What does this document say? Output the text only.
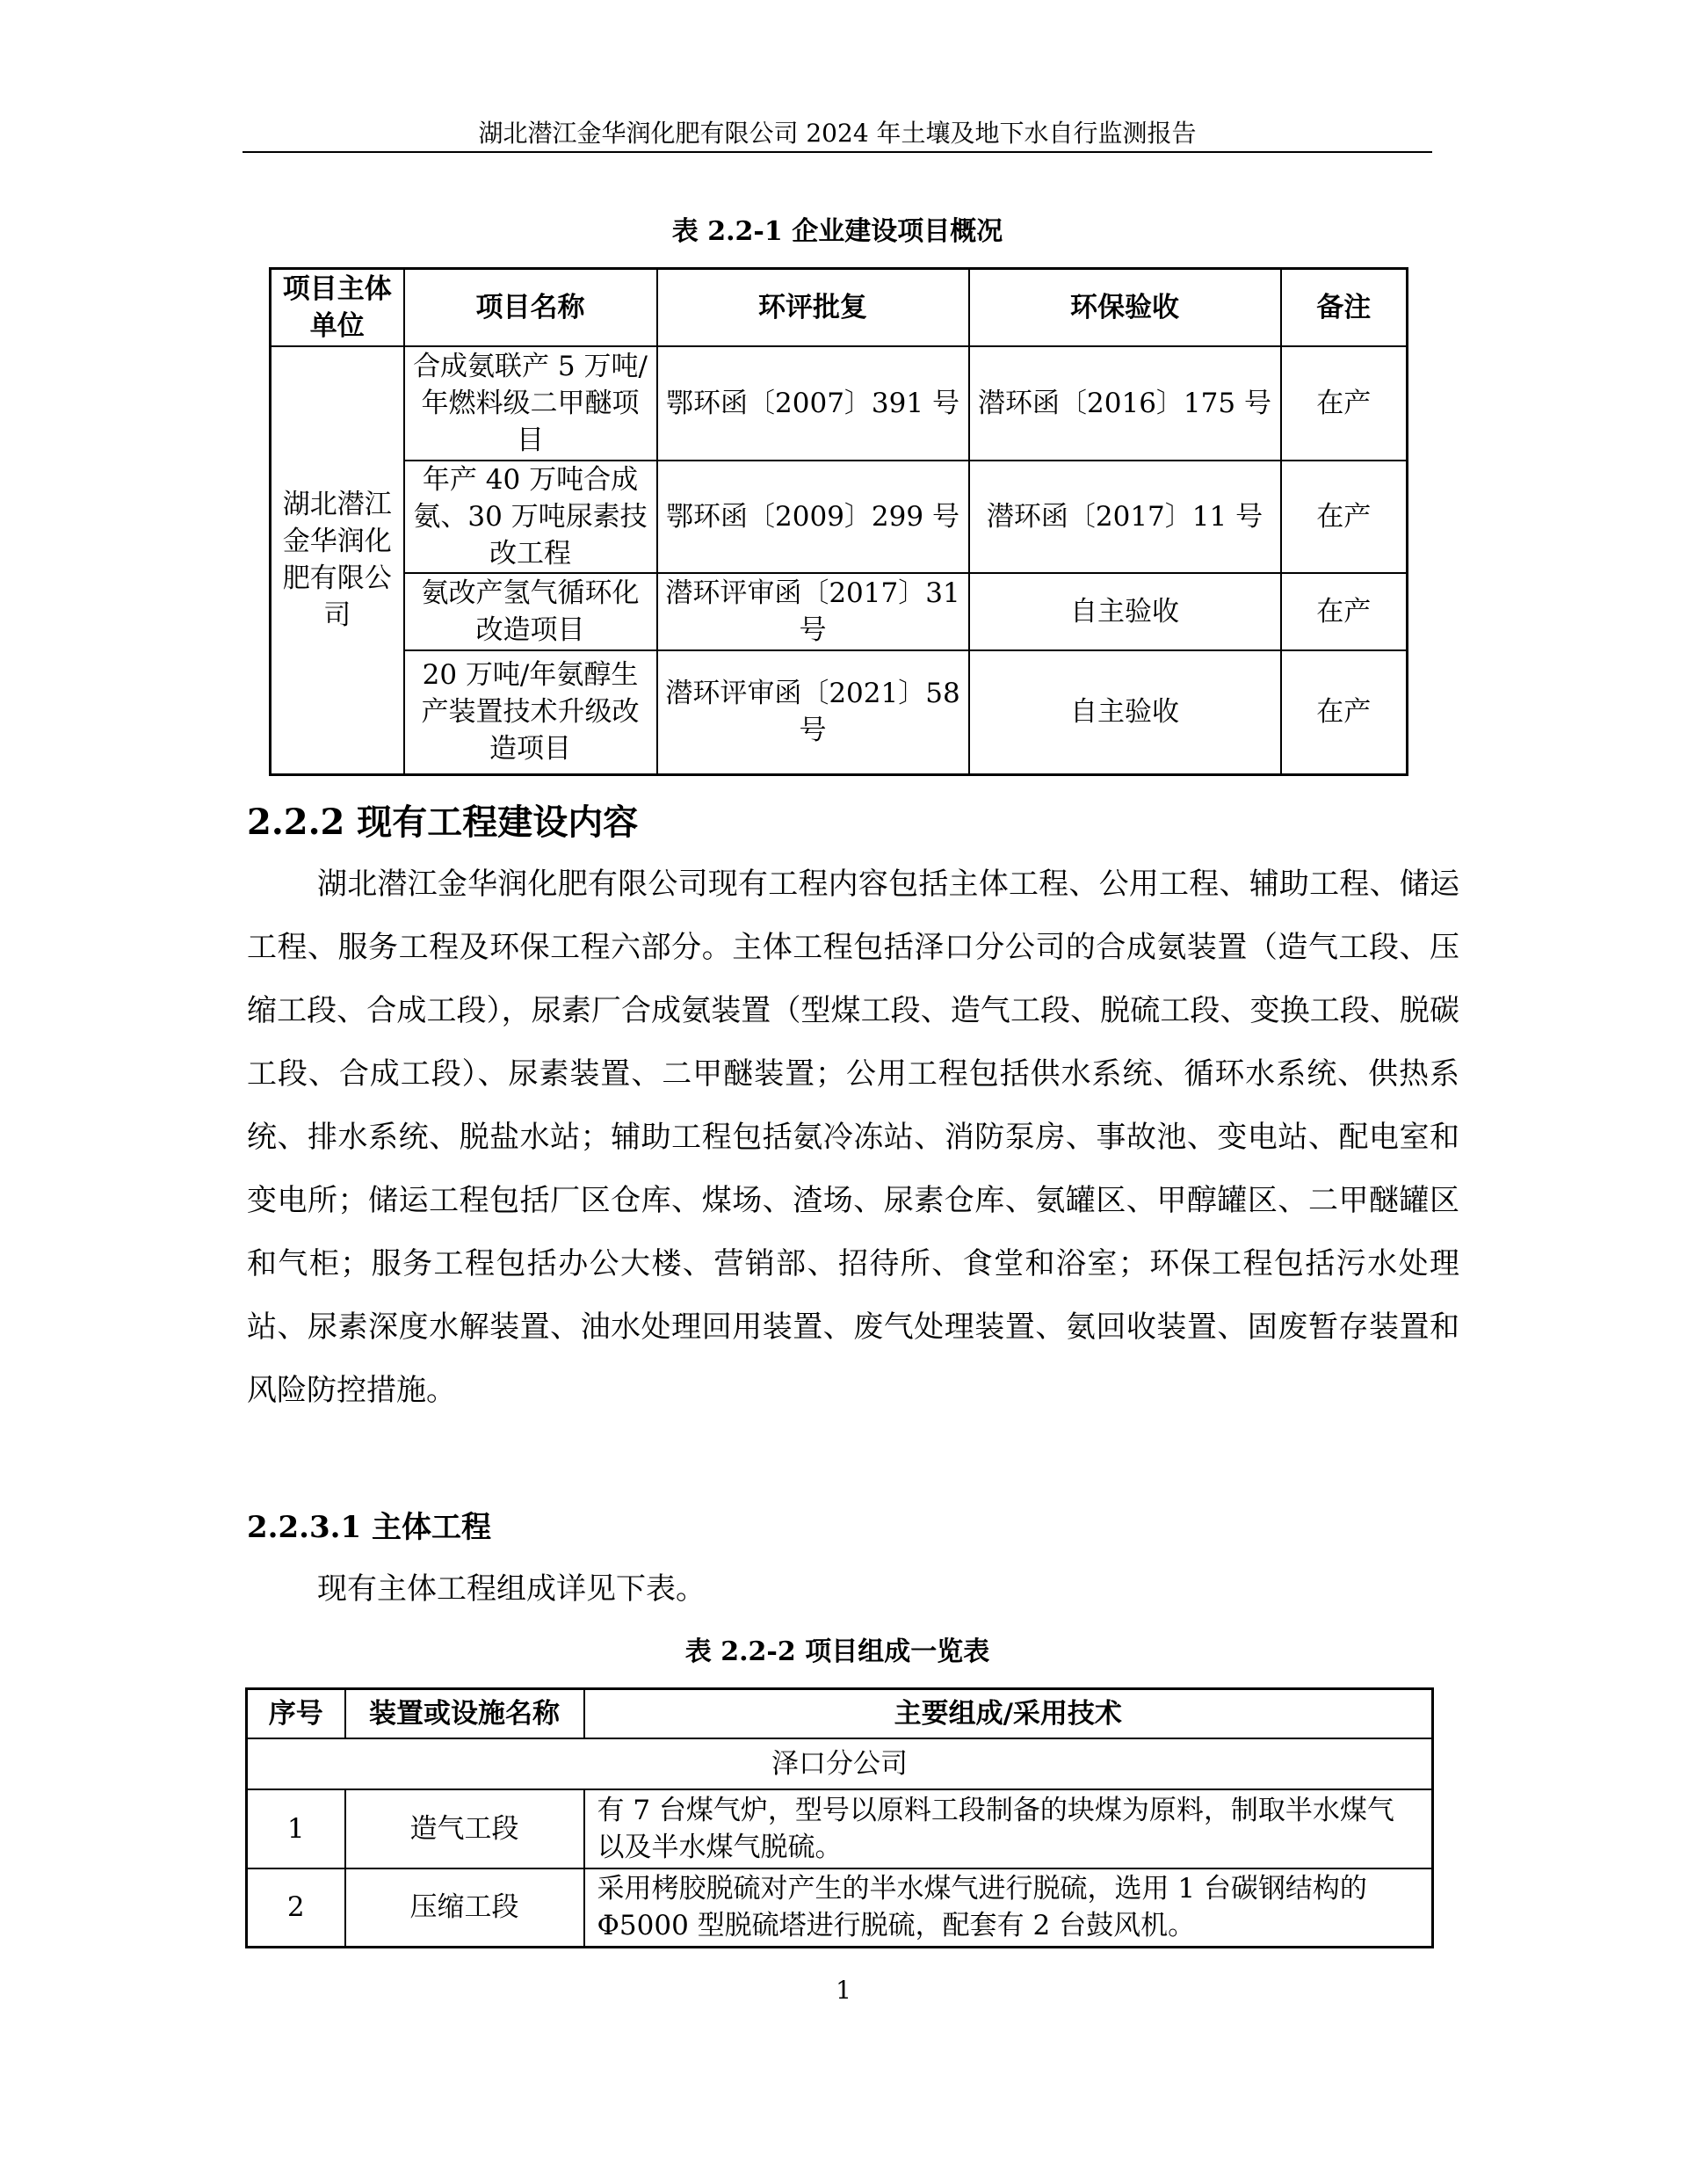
湖北潜江金华润化肥有限公司 2024 年土壤及地下水自行监测报告
表 2.2-1 企业建设项目概况
项目主体单位	项目名称	环评批复	环保验收	备注
湖北潜江金华润化肥有限公司	合成氨联产 5 万吨/年燃料级二甲醚项目	鄂环函〔2007〕391 号	潜环函〔2016〕175 号	在产
	年产 40 万吨合成氨、30 万吨尿素技改工程	鄂环函〔2009〕299 号	潜环函〔2017〕11 号	在产
	氨改产氢气循环化改造项目	潜环评审函〔2017〕31 号	自主验收	在产
	20 万吨/年氨醇生产装置技术升级改造项目	潜环评审函〔2021〕58 号	自主验收	在产
2.2.2 现有工程建设内容

湖北潜江金华润化肥有限公司现有工程内容包括主体工程、公用工程、辅助工程、储运工程、服务工程及环保工程六部分。主体工程包括泽口分公司的合成氨装置（造气工段、压缩工段、合成工段），尿素厂合成氨装置（型煤工段、造气工段、脱硫工段、变换工段、脱碳工段、合成工段）、尿素装置、二甲醚装置；公用工程包括供水系统、循环水系统、供热系统、排水系统、脱盐水站；辅助工程包括氨冷冻站、消防泵房、事故池、变电站、配电室和变电所；储运工程包括厂区仓库、煤场、渣场、尿素仓库、氨罐区、甲醇罐区、二甲醚罐区和气柜；服务工程包括办公大楼、营销部、招待所、食堂和浴室；环保工程包括污水处理站、尿素深度水解装置、油水处理回用装置、废气处理装置、氨回收装置、固废暂存装置和风险防控措施。

2.2.3.1 主体工程

现有主体工程组成详见下表。

表 2.2-2 项目组成一览表
序号	装置或设施名称	主要组成/采用技术
泽口分公司		
1	造气工段	有 7 台煤气炉，型号以原料工段制备的块煤为原料，制取半水煤气以及半水煤气脱硫。
2	压缩工段	采用栲胶脱硫对产生的半水煤气进行脱硫，选用 1 台碳钢结构的Φ5000 型脱硫塔进行脱硫，配套有 2 台鼓风机。
1
